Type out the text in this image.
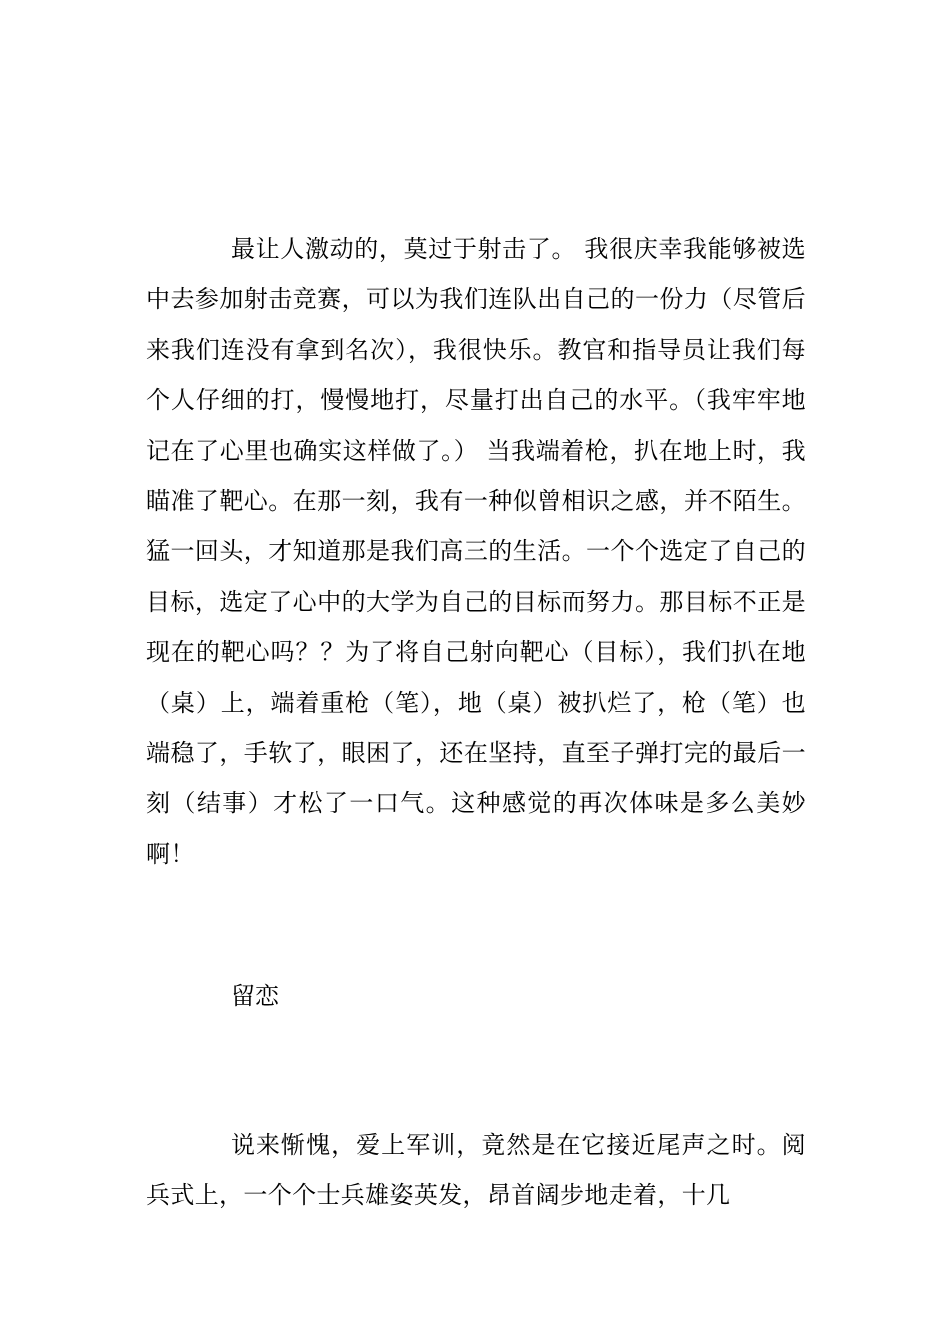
最让人激动的，莫过于射击了。 我很庆幸我能够被选中去参加射击竞赛，可以为我们连队出自己的一份力（尽管后来我们连没有拿到名次），我很快乐。教官和指导员让我们每个人仔细的打，慢慢地打，尽量打出自己的水平。（我牢牢地记在了心里也确实这样做了。） 当我端着枪，扒在地上时，我瞄准了靶心。在那一刻，我有一种似曾相识之感，并不陌生。猛一回头，才知道那是我们高三的生活。一个个选定了自己的目标，选定了心中的大学为自己的目标而努力。那目标不正是现在的靶心吗？？为了将自己射向靶心（目标），我们扒在地（桌）上，端着重枪（笔），地（桌）被扒烂了，枪（笔）也端稳了，手软了，眼困了，还在坚持，直至子弹打完的最后一刻（结事）才松了一口气。这种感觉的再次体味是多么美妙啊！

留恋

说来惭愧，爱上军训，竟然是在它接近尾声之时。阅兵式上，一个个士兵雄姿英发，昂首阔步地走着，十几
